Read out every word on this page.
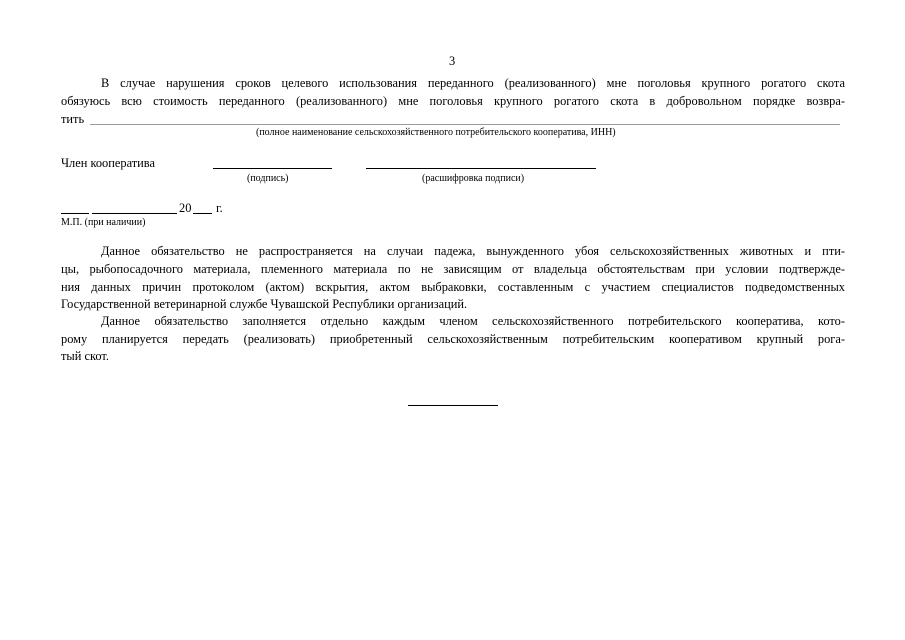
3
В случае нарушения сроков целевого использования переданного (реализованного) мне поголовья крупного рогатого скота
обязуюсь всю стоимость переданного (реализованного) мне поголовья крупного рогатого скота в добровольном порядке возвра-
тить
(полное наименование сельскохозяйственного потребительского кооператива, ИНН)
Член кооператива
(подпись)	(расшифровка подписи)
20 г.
М.П. (при наличии)
Данное обязательство не распространяется на случаи падежа, вынужденного убоя сельскохозяйственных животных и пти-
цы, рыбопосадочного материала, племенного материала по не зависящим от владельца обстоятельствам при условии подтвержде-
ния данных причин протоколом (актом) вскрытия, актом выбраковки, составленным с участием специалистов подведомственных
Государственной ветеринарной службе Чувашской Республики организаций.
Данное обязательство заполняется отдельно каждым членом сельскохозяйственного потребительского кооператива, кото-
рому планируется передать (реализовать) приобретенный сельскохозяйственным потребительским кооперативом крупный рога-
тый скот.
